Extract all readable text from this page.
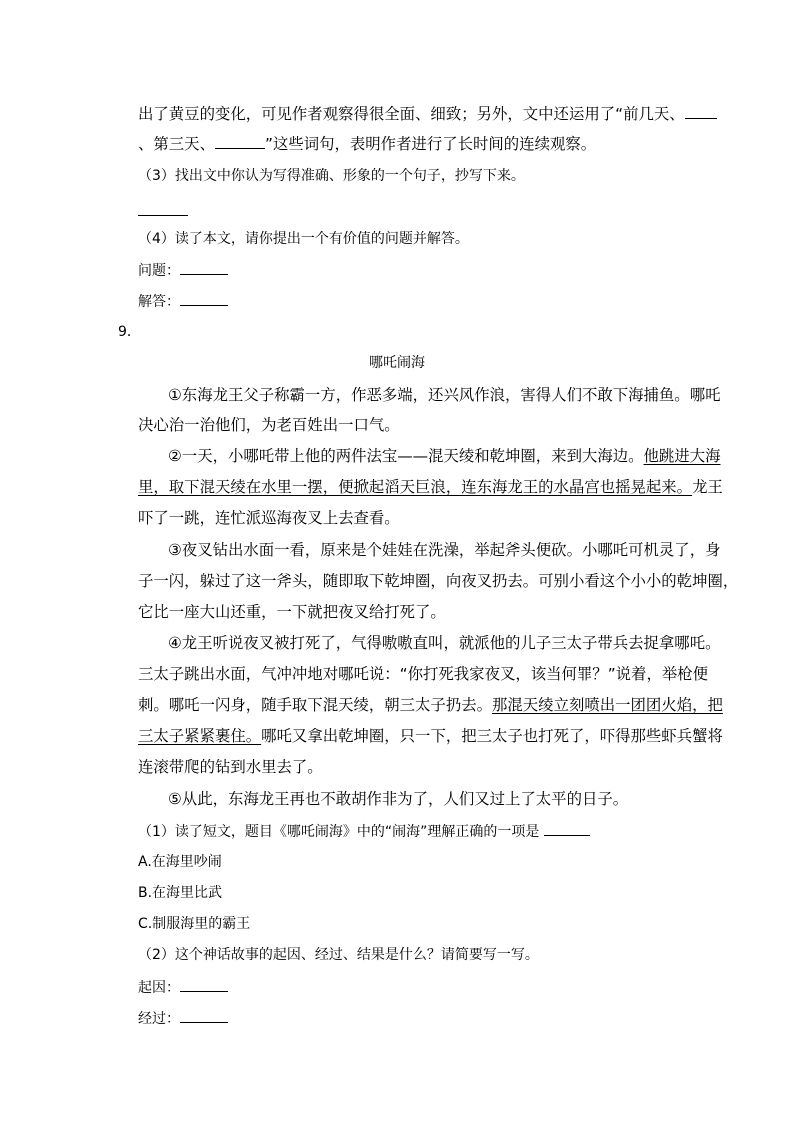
出了黄豆的变化，可见作者观察得很全面、细致；另外，文中还运用了“前几天、
、第三天、	”这些词句，表明作者进行了长时间的连续观察。
（3）找出文中你认为写得准确、形象的一个句子，抄写下来。
（4）读了本文，请你提出一个有价值的问题并解答。
问题：
解答：
9．
哪吒闹海
①东海龙王父子称霸一方，作恶多端，还兴风作浪，害得人们不敢下海捕鱼。哪吒
决心治一治他们，为老百姓出一口气。
②一天，小哪吒带上他的两件法宝——混天绫和乾坤圈，来到大海边。他跳进大海
里，取下混天绫在水里一摆，便掀起滔天巨浪，连东海龙王的水晶宫也摇晃起来。龙王
吓了一跳，连忙派巡海夜叉上去查看。
③夜叉钻出水面一看，原来是个娃娃在洗澡，举起斧头便砍。小哪吒可机灵了，身
子一闪，躲过了这一斧头，随即取下乾坤圈，向夜叉扔去。可别小看这个小小的乾坤圈，
它比一座大山还重，一下就把夜叉给打死了。
④龙王听说夜叉被打死了，气得嗷嗷直叫，就派他的儿子三太子带兵去捉拿哪吒。
三太子跳出水面，气冲冲地对哪吒说：“你打死我家夜叉，该当何罪？”说着，举枪便
刺。哪吒一闪身，随手取下混天绫，朝三太子扔去。那混天绫立刻喷出一团团火焰，把
三太子紧紧裹住。哪吒又拿出乾坤圈，只一下，把三太子也打死了，吓得那些虾兵蟹将
连滚带爬的钻到水里去了。
⑤从此，东海龙王再也不敢胡作非为了，人们又过上了太平的日子。
（1）读了短文，题目《哪吒闹海》中的“闹海”理解正确的一项是
A.在海里吵闹
B.在海里比武
C.制服海里的霸王
（2）这个神话故事的起因、经过、结果是什么？请简要写一写。
起因：
经过：
